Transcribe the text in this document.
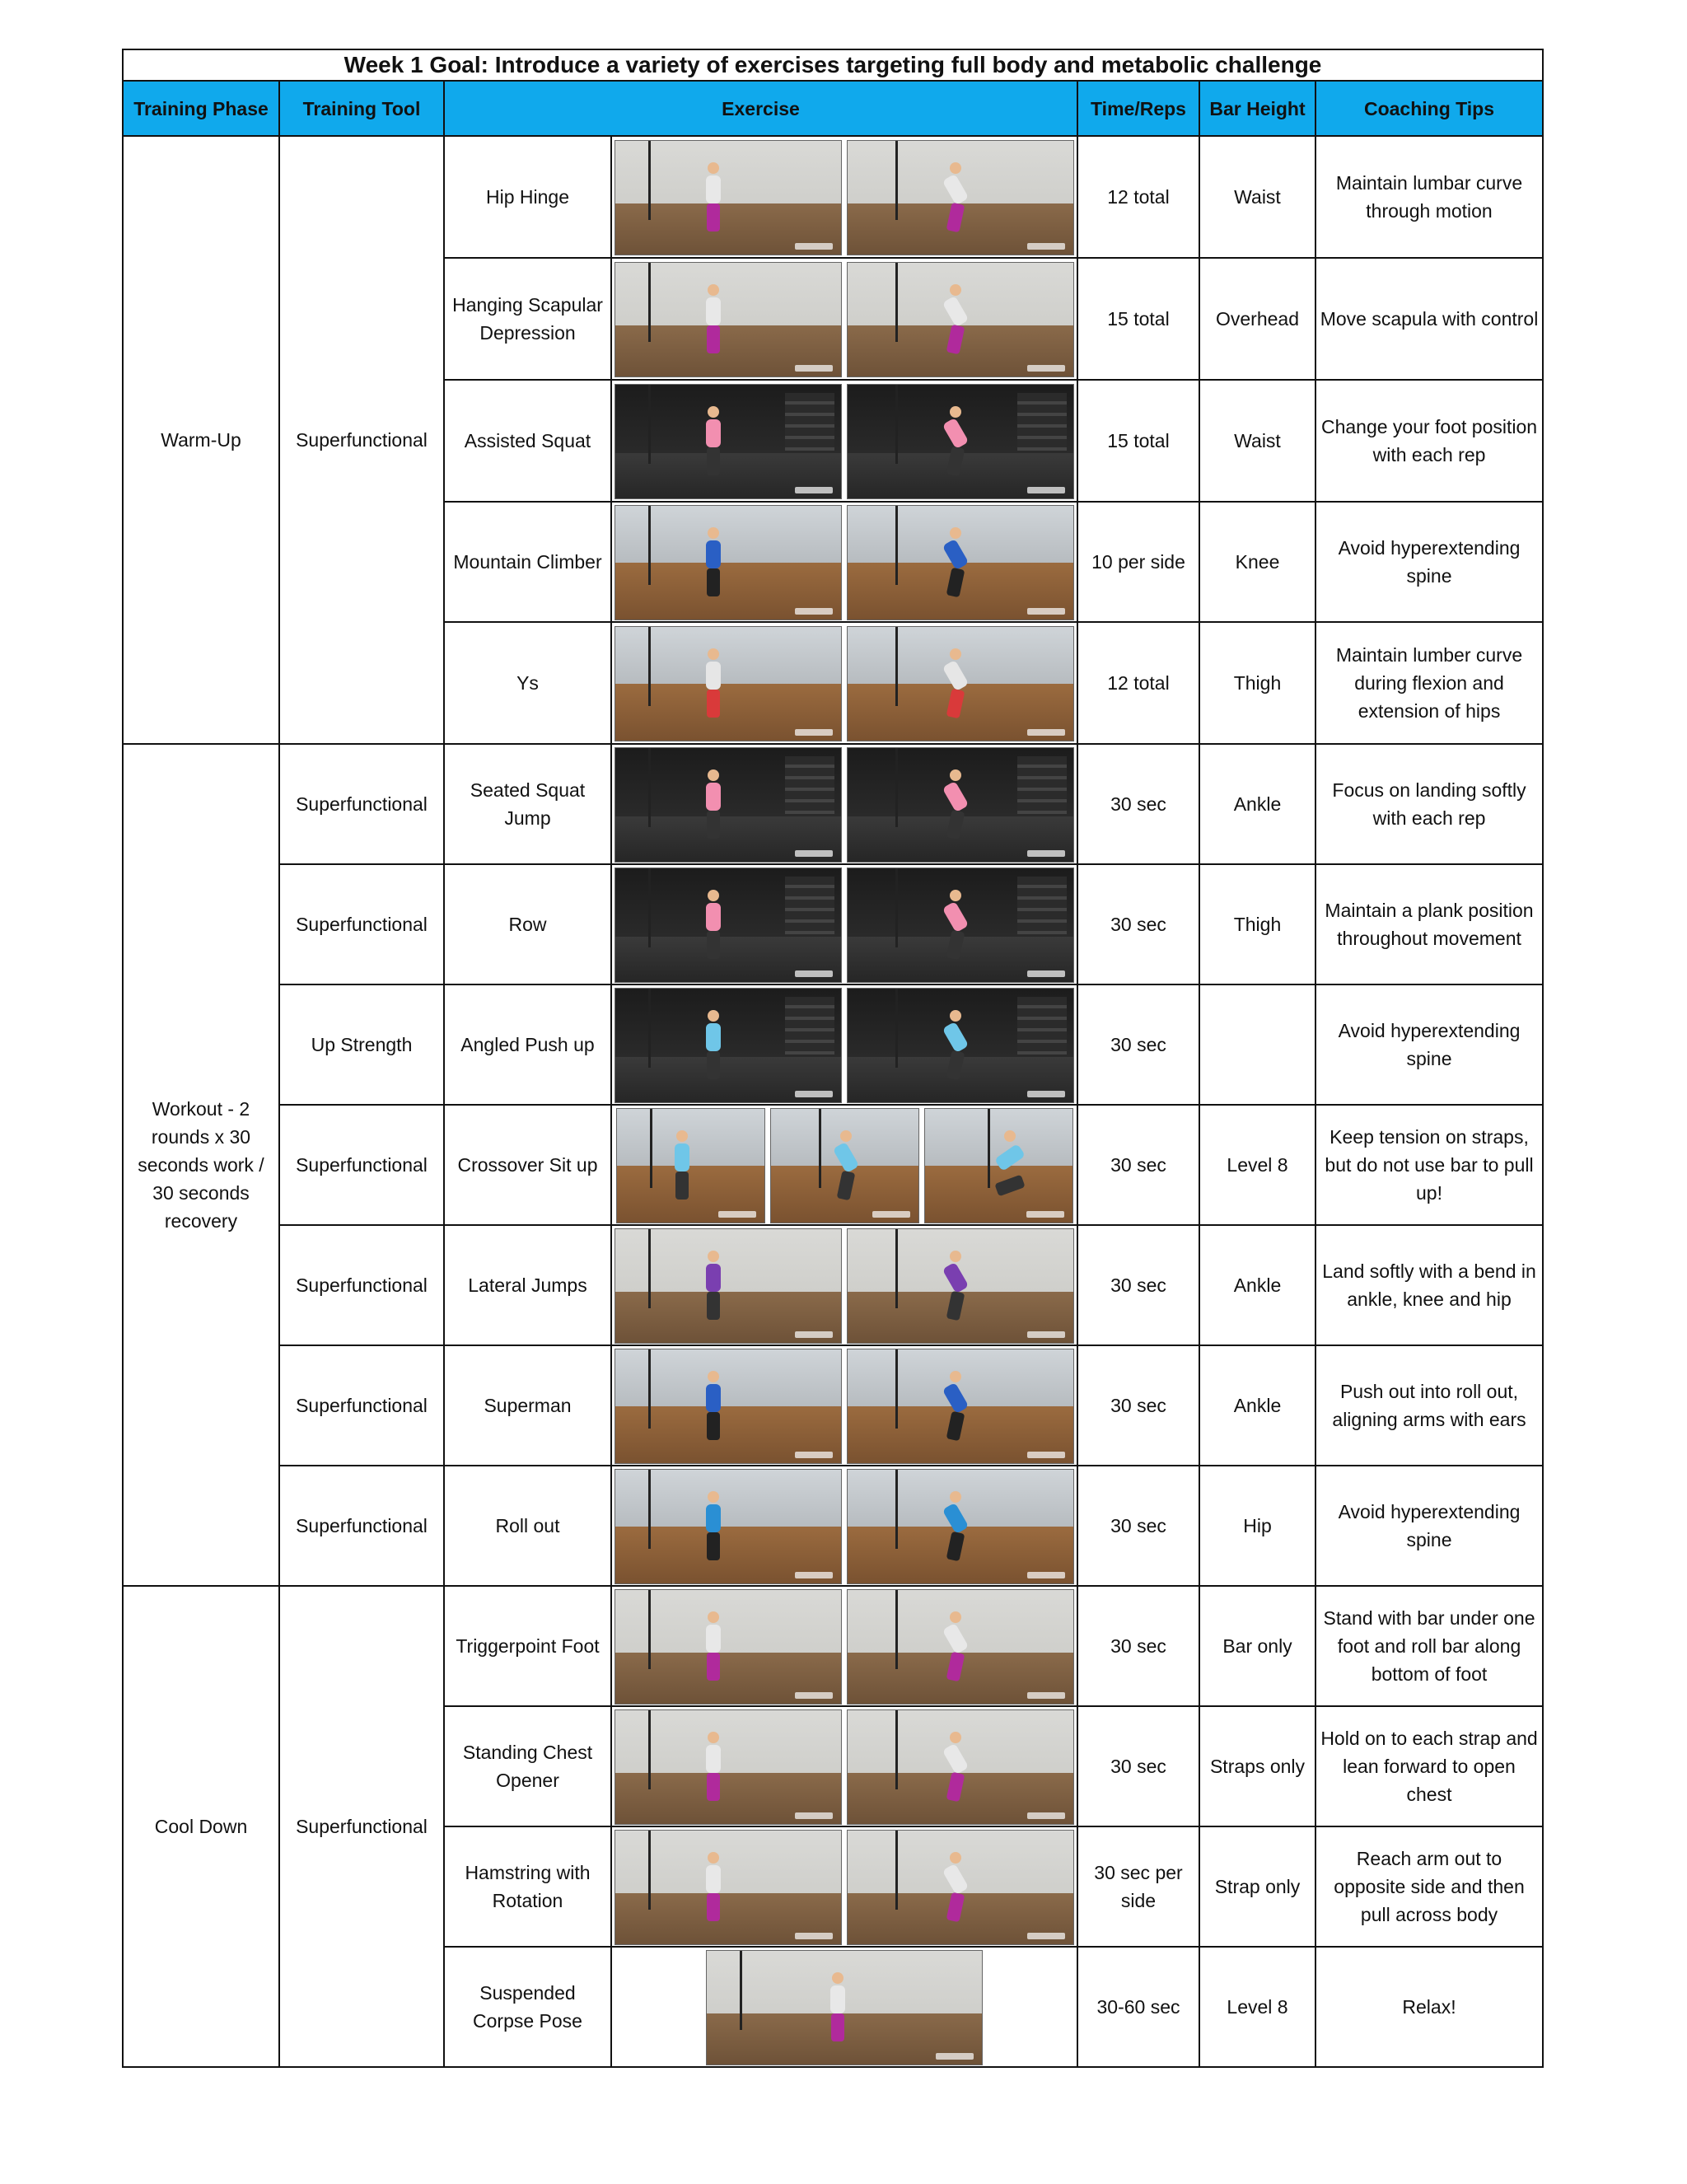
Week 1 Goal: Introduce a variety of exercises targeting full body and metabolic challenge						
Training Phase	Training Tool	Exercise		Time/Reps	Bar Height	Coaching Tips
Warm-Up	Superfunctional	Hip Hinge		12 total	Waist	Maintain lumbar curve through motion
		Hanging Scapular Depression		15 total	Overhead	Move scapula with control
		Assisted Squat		15 total	Waist	Change your foot position with each rep
		Mountain Climber		10 per side	Knee	Avoid hyperextending spine
		Ys		12 total	Thigh	Maintain lumber curve during flexion and extension of hips
Workout - 2 rounds x 30 seconds work / 30 seconds recovery	Superfunctional	Seated Squat Jump		30 sec	Ankle	Focus on landing softly with each rep
	Superfunctional	Row		30 sec	Thigh	Maintain a plank position throughout movement
	Up Strength	Angled Push up		30 sec		Avoid hyperextending spine
	Superfunctional	Crossover Sit up		30 sec	Level 8	Keep tension on straps, but do not use bar to pull up!
	Superfunctional	Lateral Jumps		30 sec	Ankle	Land softly with a bend in ankle, knee and hip
	Superfunctional	Superman		30 sec	Ankle	Push out into roll out, aligning arms with ears
	Superfunctional	Roll out		30 sec	Hip	Avoid hyperextending spine
Cool Down	Superfunctional	Triggerpoint Foot		30 sec	Bar only	Stand with bar under one foot and roll bar along bottom of foot
		Standing Chest Opener		30 sec	Straps only	Hold on to each strap and lean forward to open chest
		Hamstring with Rotation		30 sec per side	Strap only	Reach arm out to opposite side and then pull across body
		Suspended Corpse Pose		30-60 sec	Level 8	Relax!
